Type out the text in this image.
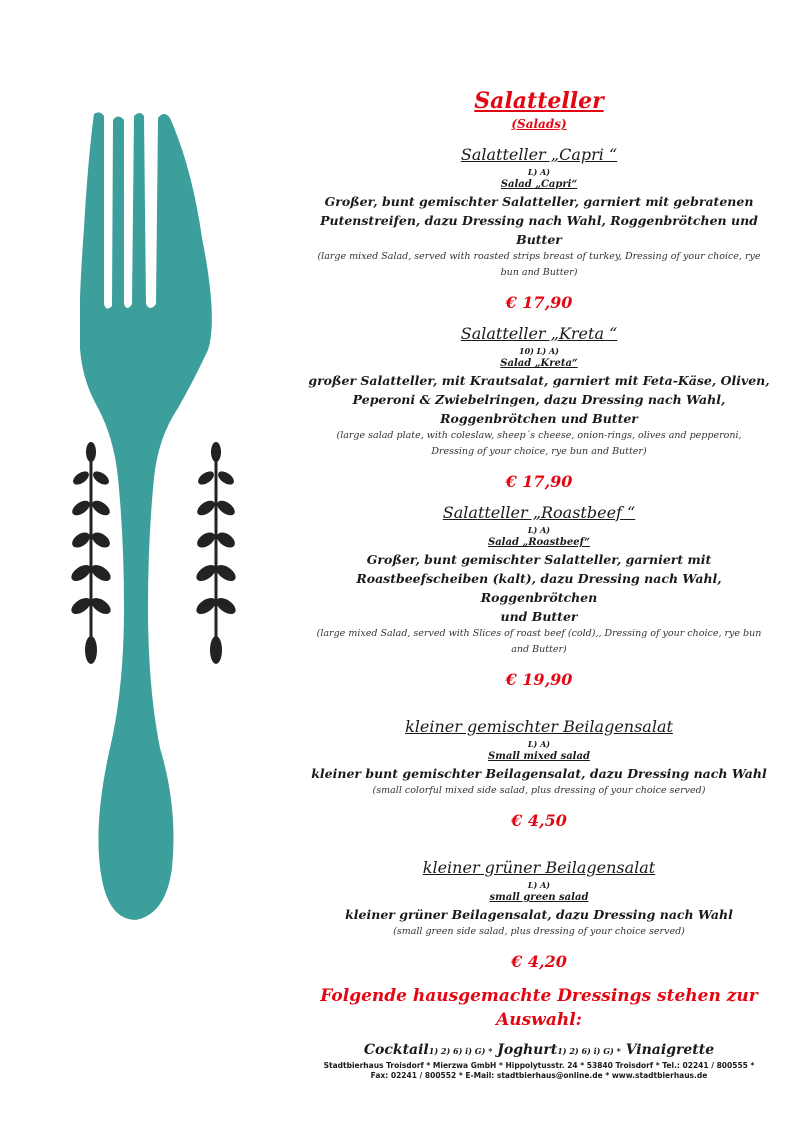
Salatteller
(Salads)
Salatteller „Capri “
L) A)
Salad „Capri“
Großer, bunt gemischter Salatteller, garniert mit gebratenen
Putenstreifen, dazu Dressing nach Wahl, Roggenbrötchen und Butter
(large mixed Salad, served with roasted strips breast of turkey, Dressing of your choice, rye
bun and Butter)
€ 17,90
Salatteller „Kreta “
10) L) A)
Salad „Kreta“
großer Salatteller, mit Krautsalat, garniert mit Feta-Käse, Oliven,
Peperoni & Zwiebelringen, dazu Dressing nach Wahl,
Roggenbrötchen und Butter
(large salad plate, with coleslaw, sheep´s cheese, onion-rings, olives and pepperoni,
Dressing of your choice, rye bun and Butter)
€ 17,90
Salatteller „Roastbeef “
L) A)
Salad „Roastbeef“
Großer, bunt gemischter Salatteller, garniert mit
Roastbeefscheiben (kalt), dazu Dressing nach Wahl, Roggenbrötchen
und Butter
(large mixed Salad, served with Slices of roast beef (cold),, Dressing of your choice, rye bun
and Butter)
€ 19,90
kleiner gemischter Beilagensalat
L) A)
Small mixed salad
kleiner bunt gemischter Beilagensalat, dazu Dressing nach Wahl
(small colorful mixed side salad, plus dressing of your choice served)
€ 4,50
kleiner grüner Beilagensalat
L) A)
small green salad
kleiner grüner Beilagensalat, dazu Dressing nach Wahl
(small green side salad, plus dressing of your choice served)
€ 4,20
Folgende hausgemachte Dressings stehen zur
Auswahl:
Cocktail1) 2) 6) i) G) * Joghurt1) 2) 6) i) G) * Vinaigrette
Stadtbierhaus Troisdorf * Mierzwa GmbH * Hippolytusstr. 24 * 53840 Troisdorf * Tel.: 02241 / 800555 *
Fax: 02241 / 800552 * E-Mail: stadtbierhaus@online.de * www.stadtbierhaus.de
